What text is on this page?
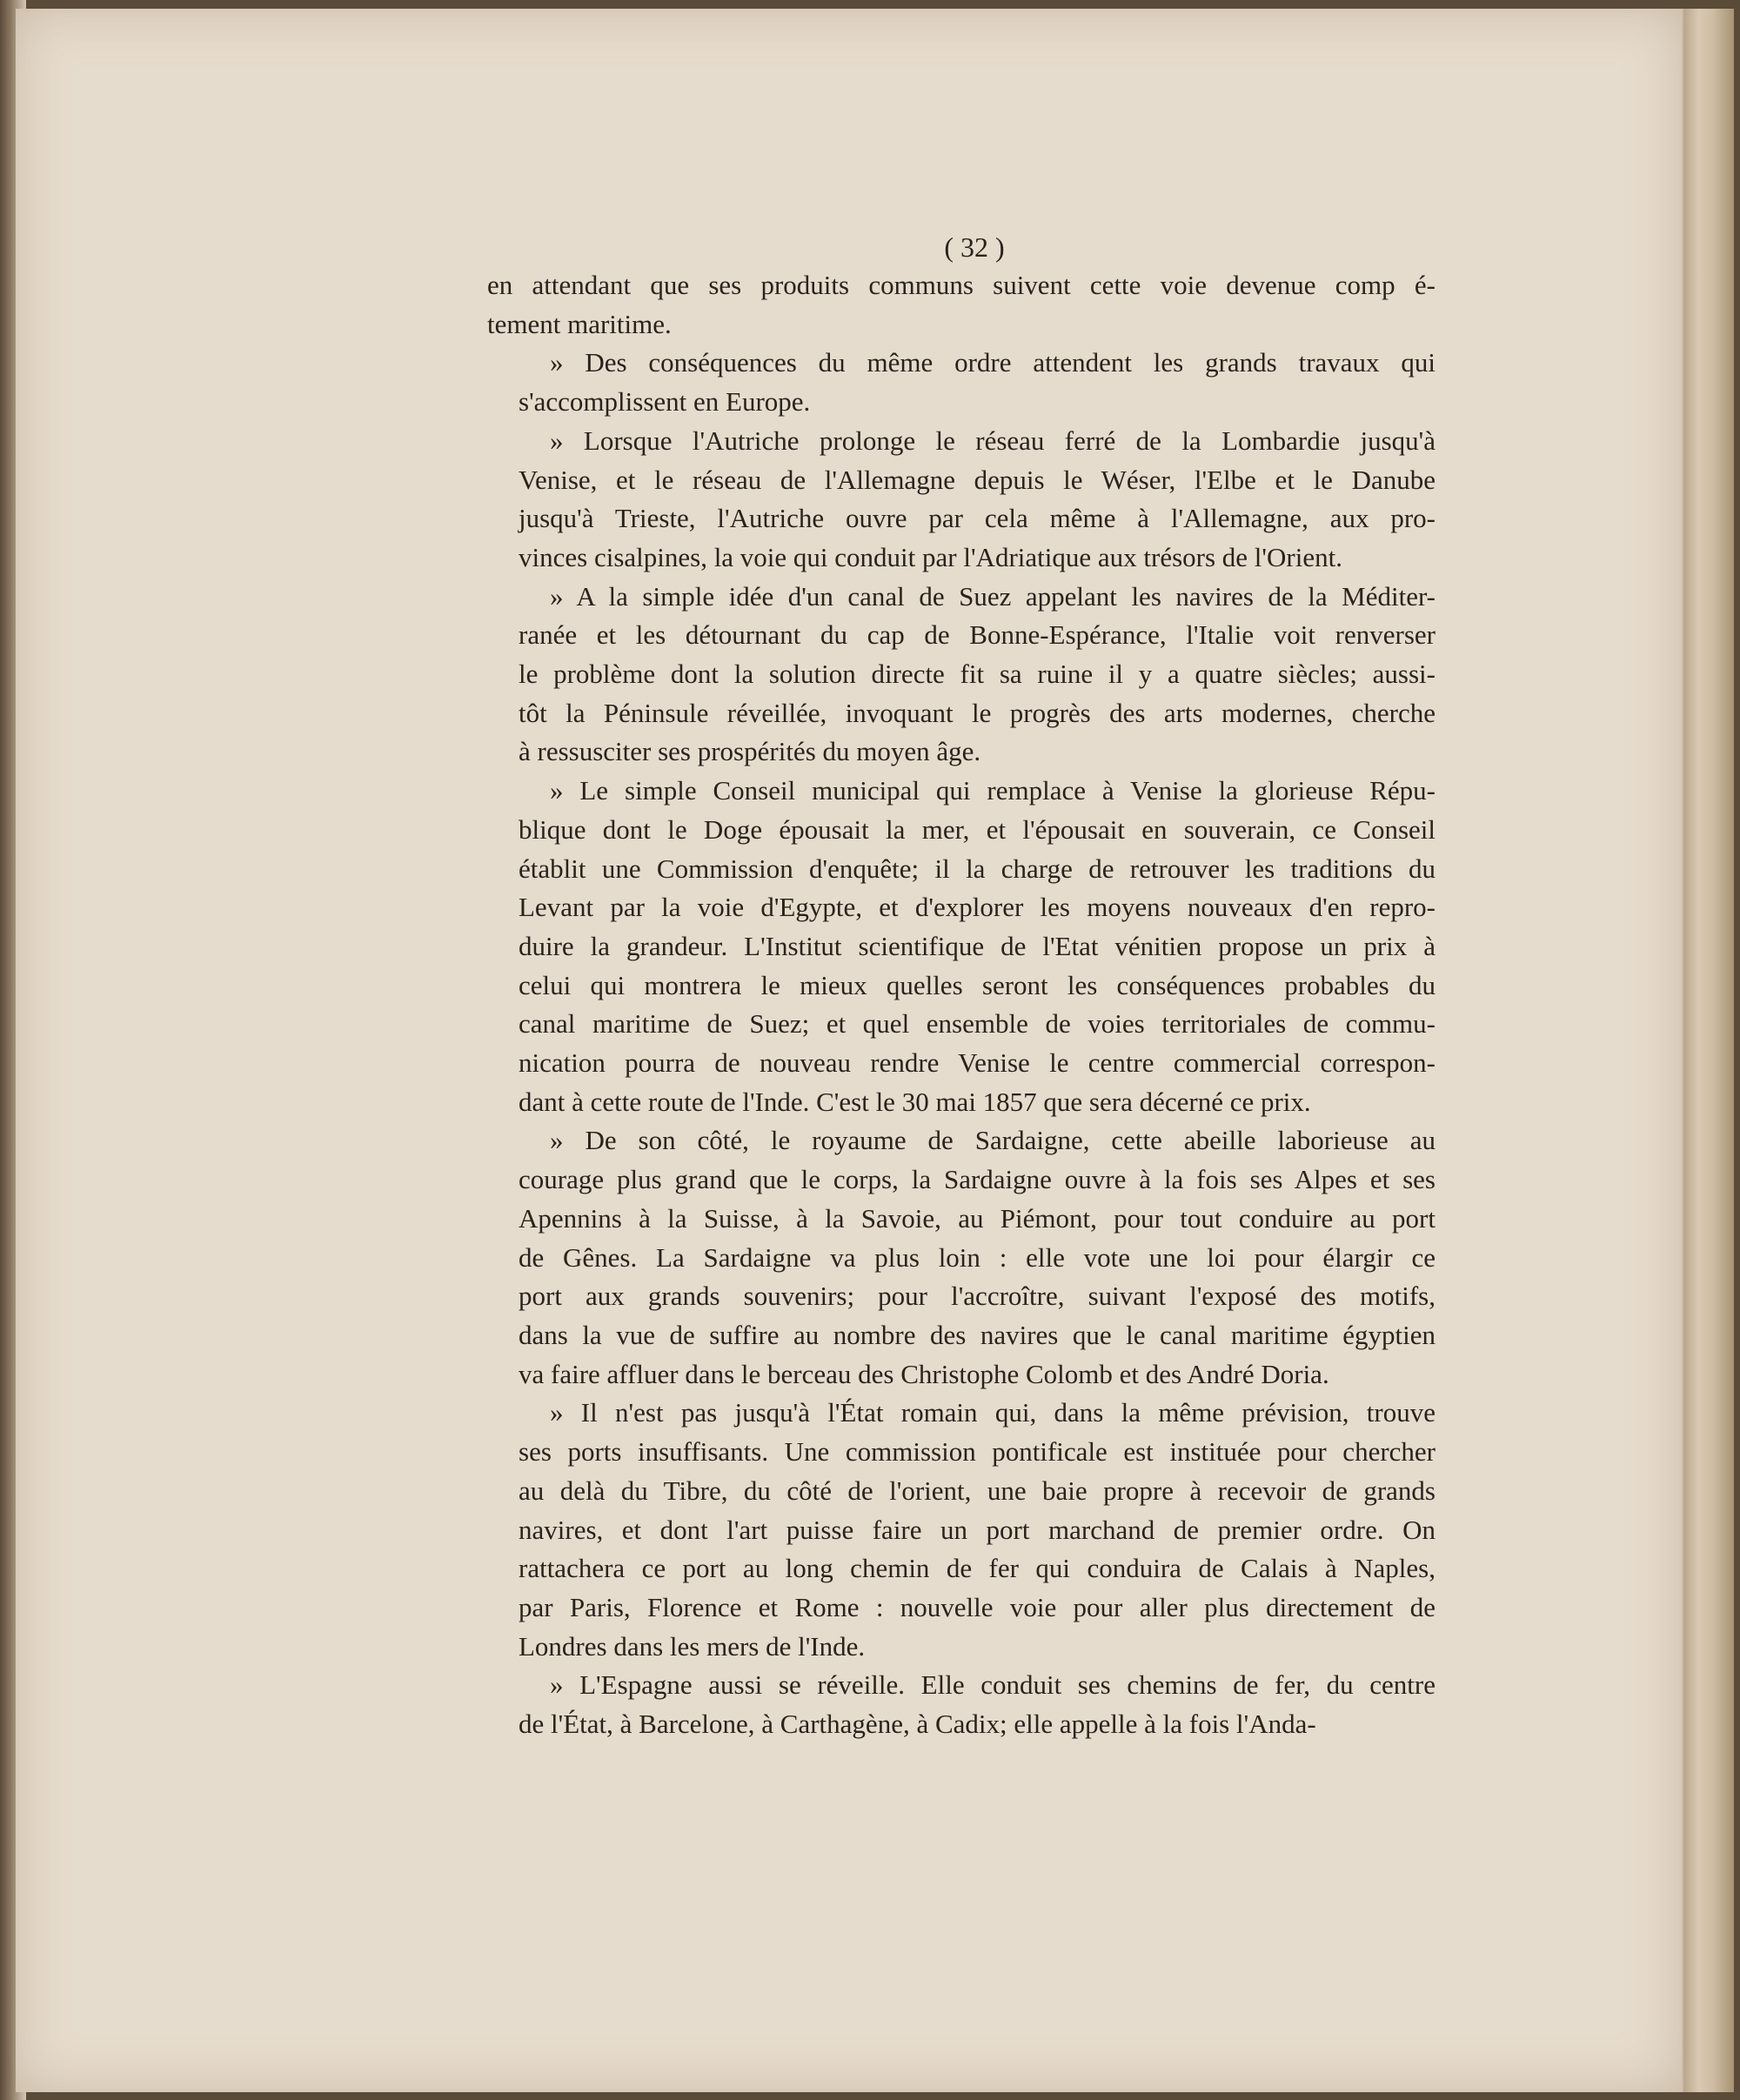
( 32 )
en attendant que ses produits communs suivent cette voie devenue comp é-
tement maritime.
» Des conséquences du même ordre attendent les grands travaux qui
s'accomplissent en Europe.
» Lorsque l'Autriche prolonge le réseau ferré de la Lombardie jusqu'à
Venise, et le réseau de l'Allemagne depuis le Wéser, l'Elbe et le Danube
jusqu'à Trieste, l'Autriche ouvre par cela même à l'Allemagne, aux pro-
vinces cisalpines, la voie qui conduit par l'Adriatique aux trésors de l'Orient.
» A la simple idée d'un canal de Suez appelant les navires de la Méditer-
ranée et les détournant du cap de Bonne-Espérance, l'Italie voit renverser
le problème dont la solution directe fit sa ruine il y a quatre siècles; aussi-
tôt la Péninsule réveillée, invoquant le progrès des arts modernes, cherche
à ressusciter ses prospérités du moyen âge.
» Le simple Conseil municipal qui remplace à Venise la glorieuse Répu-
blique dont le Doge épousait la mer, et l'épousait en souverain, ce Conseil
établit une Commission d'enquête; il la charge de retrouver les traditions du
Levant par la voie d'Egypte, et d'explorer les moyens nouveaux d'en repro-
duire la grandeur. L'Institut scientifique de l'Etat vénitien propose un prix à
celui qui montrera le mieux quelles seront les conséquences probables du
canal maritime de Suez; et quel ensemble de voies territoriales de commu-
nication pourra de nouveau rendre Venise le centre commercial correspon-
dant à cette route de l'Inde. C'est le 30 mai 1857 que sera décerné ce prix.
» De son côté, le royaume de Sardaigne, cette abeille laborieuse au
courage plus grand que le corps, la Sardaigne ouvre à la fois ses Alpes et ses
Apennins à la Suisse, à la Savoie, au Piémont, pour tout conduire au port
de Gênes. La Sardaigne va plus loin : elle vote une loi pour élargir ce
port aux grands souvenirs; pour l'accroître, suivant l'exposé des motifs,
dans la vue de suffire au nombre des navires que le canal maritime égyptien
va faire affluer dans le berceau des Christophe Colomb et des André Doria.
» Il n'est pas jusqu'à l'État romain qui, dans la même prévision, trouve
ses ports insuffisants. Une commission pontificale est instituée pour chercher
au delà du Tibre, du côté de l'orient, une baie propre à recevoir de grands
navires, et dont l'art puisse faire un port marchand de premier ordre. On
rattachera ce port au long chemin de fer qui conduira de Calais à Naples,
par Paris, Florence et Rome : nouvelle voie pour aller plus directement de
Londres dans les mers de l'Inde.
» L'Espagne aussi se réveille. Elle conduit ses chemins de fer, du centre
de l'État, à Barcelone, à Carthagène, à Cadix; elle appelle à la fois l'Anda-
